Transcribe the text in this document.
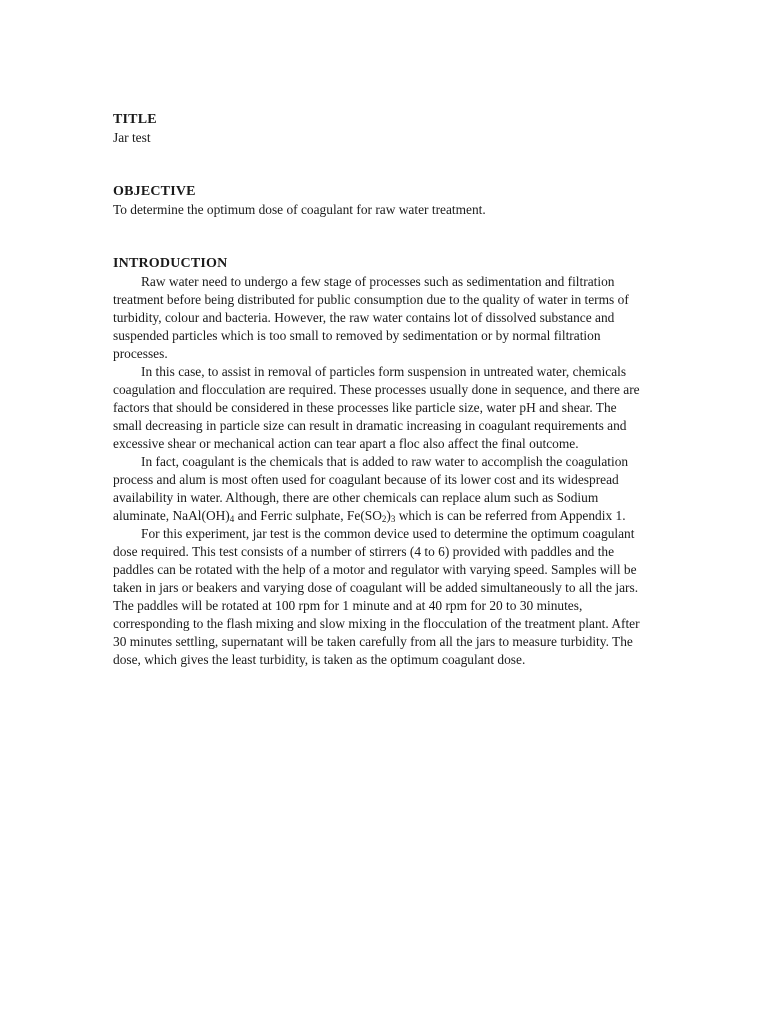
TITLE

Jar test

OBJECTIVE

To determine the optimum dose of coagulant for raw water treatment.

INTRODUCTION

Raw water need to undergo a few stage of processes such as sedimentation and filtration treatment before being distributed for public consumption due to the quality of water in terms of turbidity, colour and bacteria. However, the raw water contains lot of dissolved substance and suspended particles which is too small to removed by sedimentation or by normal filtration processes.

In this case, to assist in removal of particles form suspension in untreated water, chemicals coagulation and flocculation are required. These processes usually done in sequence, and there are factors that should be considered in these processes like particle size, water pH and shear. The small decreasing in particle size can result in dramatic increasing in coagulant requirements and excessive shear or mechanical action can tear apart a floc also affect the final outcome.

In fact, coagulant is the chemicals that is added to raw water to accomplish the coagulation process and alum is most often used for coagulant because of its lower cost and its widespread availability in water. Although, there are other chemicals can replace alum such as Sodium aluminate, $NaAl(OH)_4$ and Ferric sulphate, $Fe(SO_2)_3$ which is can be referred from Appendix 1.

For this experiment, jar test is the common device used to determine the optimum coagulant dose required. This test consists of a number of stirrers (4 to 6) provided with paddles and the paddles can be rotated with the help of a motor and regulator with varying speed. Samples will be taken in jars or beakers and varying dose of coagulant will be added simultaneously to all the jars. The paddles will be rotated at 100 rpm for 1 minute and at 40 rpm for 20 to 30 minutes, corresponding to the flash mixing and slow mixing in the flocculation of the treatment plant. After 30 minutes settling, supernatant will be taken carefully from all the jars to measure turbidity. The dose, which gives the least turbidity, is taken as the optimum coagulant dose.
